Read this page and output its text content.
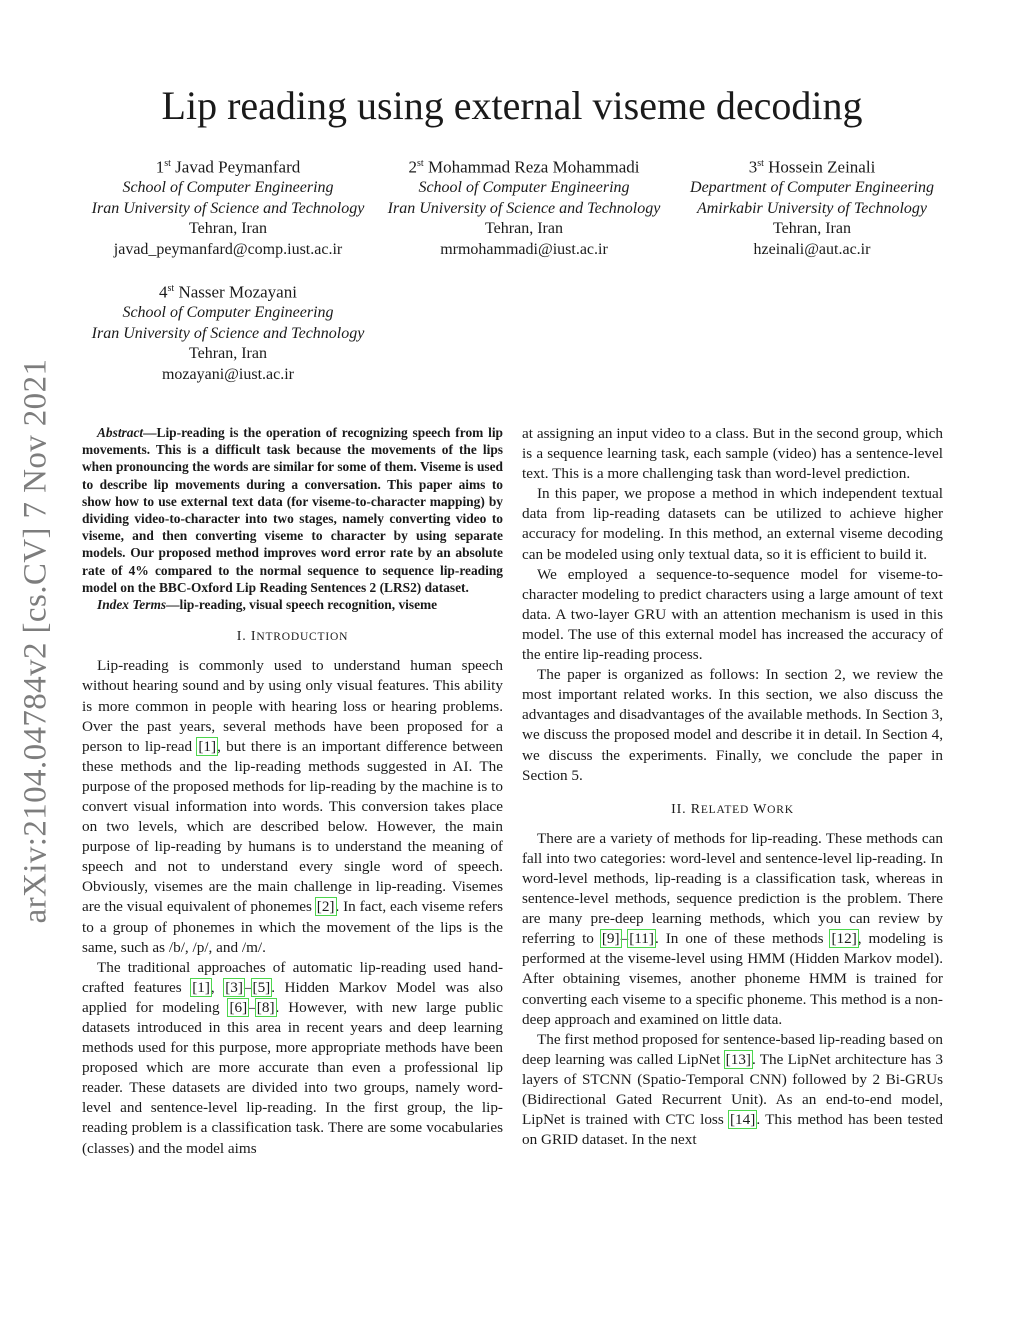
arXiv:2104.04784v2 [cs.CV] 7 Nov 2021
Lip reading using external viseme decoding
1st Javad Peymanfard
School of Computer Engineering
Iran University of Science and Technology
Tehran, Iran
javad_peymanfard@comp.iust.ac.ir
2st Mohammad Reza Mohammadi
School of Computer Engineering
Iran University of Science and Technology
Tehran, Iran
mrmohammadi@iust.ac.ir
3st Hossein Zeinali
Department of Computer Engineering
Amirkabir University of Technology
Tehran, Iran
hzeinali@aut.ac.ir
4st Nasser Mozayani
School of Computer Engineering
Iran University of Science and Technology
Tehran, Iran
mozayani@iust.ac.ir

Abstract—Lip-reading is the operation of recognizing speech from lip movements. This is a difficult task because the movements of the lips when pronouncing the words are similar for some of them. Viseme is used to describe lip movements during a conversation. This paper aims to show how to use external text data (for viseme-to-character mapping) by dividing video-to-character into two stages, namely converting video to viseme, and then converting viseme to character by using separate models. Our proposed method improves word error rate by an absolute rate of 4% compared to the normal sequence to sequence lip-reading model on the BBC-Oxford Lip Reading Sentences 2 (LRS2) dataset.

Index Terms—lip-reading, visual speech recognition, viseme

I. INTRODUCTION

Lip-reading is commonly used to understand human speech without hearing sound and by using only visual features. This ability is more common in people with hearing loss or hearing problems. Over the past years, several methods have been proposed for a person to lip-read [1], but there is an important difference between these methods and the lip-reading methods suggested in AI. The purpose of the proposed methods for lip-reading by the machine is to convert visual information into words. This conversion takes place on two levels, which are described below. However, the main purpose of lip-reading by humans is to understand the meaning of speech and not to understand every single word of speech. Obviously, visemes are the main challenge in lip-reading. Visemes are the visual equivalent of phonemes [2]. In fact, each viseme refers to a group of phonemes in which the movement of the lips is the same, such as /b/, /p/, and /m/.

The traditional approaches of automatic lip-reading used hand-crafted features [1], [3]–[5]. Hidden Markov Model was also applied for modeling [6]–[8]. However, with new large public datasets introduced in this area in recent years and deep learning methods used for this purpose, more appropriate methods have been proposed which are more accurate than even a professional lip reader. These datasets are divided into two groups, namely word-level and sentence-level lip-reading. In the first group, the lip-reading problem is a classification task. There are some vocabularies (classes) and the model aims

at assigning an input video to a class. But in the second group, which is a sequence learning task, each sample (video) has a sentence-level text. This is a more challenging task than word-level prediction.

In this paper, we propose a method in which independent textual data from lip-reading datasets can be utilized to achieve higher accuracy for modeling. In this method, an external viseme decoding can be modeled using only textual data, so it is efficient to build it.

We employed a sequence-to-sequence model for viseme-to-character modeling to predict characters using a large amount of text data. A two-layer GRU with an attention mechanism is used in this model. The use of this external model has increased the accuracy of the entire lip-reading process.

The paper is organized as follows: In section 2, we review the most important related works. In this section, we also discuss the advantages and disadvantages of the available methods. In Section 3, we discuss the proposed model and describe it in detail. In Section 4, we discuss the experiments. Finally, we conclude the paper in Section 5.

II. RELATED WORK

There are a variety of methods for lip-reading. These methods can fall into two categories: word-level and sentence-level lip-reading. In word-level methods, lip-reading is a classification task, whereas in sentence-level methods, sequence prediction is the problem. There are many pre-deep learning methods, which you can review by referring to [9]–[11]. In one of these methods [12], modeling is performed at the viseme-level using HMM (Hidden Markov model). After obtaining visemes, another phoneme HMM is trained for converting each viseme to a specific phoneme. This method is a non-deep approach and examined on little data.

The first method proposed for sentence-based lip-reading based on deep learning was called LipNet [13]. The LipNet architecture has 3 layers of STCNN (Spatio-Temporal CNN) followed by 2 Bi-GRUs (Bidirectional Gated Recurrent Unit). As an end-to-end model, LipNet is trained with CTC loss [14]. This method has been tested on GRID dataset. In the next
